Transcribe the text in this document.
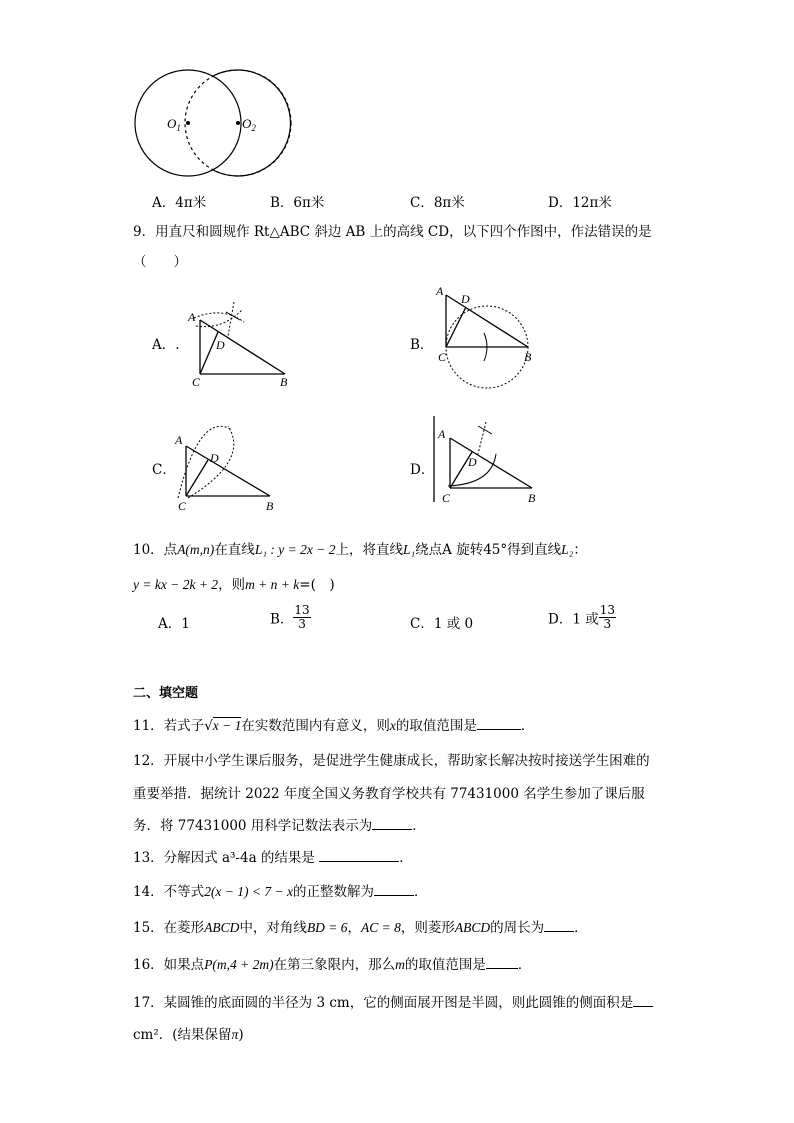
$O_1$	$O_2$
A．4π米	B．6π米	C．8π米	D．12π米
9．用直尺和圆规作 Rt△ABC 斜边 AB 上的高线 CD，以下四个作图中，作法错误的是
（　　）
A．.
A
D
C	B
B．
A
D
C	B
C．
A
D
C	B
D．
A
D
C	B
10．点A(m,n)在直线L₁ : y = 2x − 2上，将直线L₁绕点A 旋转45°得到直线L₂：
y = kx − 2k + 2，则m + n + k=(　)
A．1	B． $\frac{13}{3}$	C．1 或 0	D．1 或 $\frac{13}{3}$
二、填空题
11．若式子√x − 1在实数范围内有意义，则x的取值范围是	．
12．开展中小学生课后服务，是促进学生健康成长，帮助家长解决按时接送学生困难的
重要举措．据统计 2022 年度全国义务教育学校共有 77431000 名学生参加了课后服
务．将 77431000 用科学记数法表示为	．
13．分解因式 a³-4a 的结果是	．
14．不等式2(x − 1) < 7 − x的正整数解为	．
15．在菱形ABCD中，对角线BD = 6，AC = 8，则菱形ABCD的周长为 ．
16．如果点P(m,4 + 2m)在第三象限内，那么m的取值范围是 ．
17．某圆锥的底面圆的半径为 3 cm，它的侧面展开图是半圆，则此圆锥的侧面积是
cm²．(结果保留π)
